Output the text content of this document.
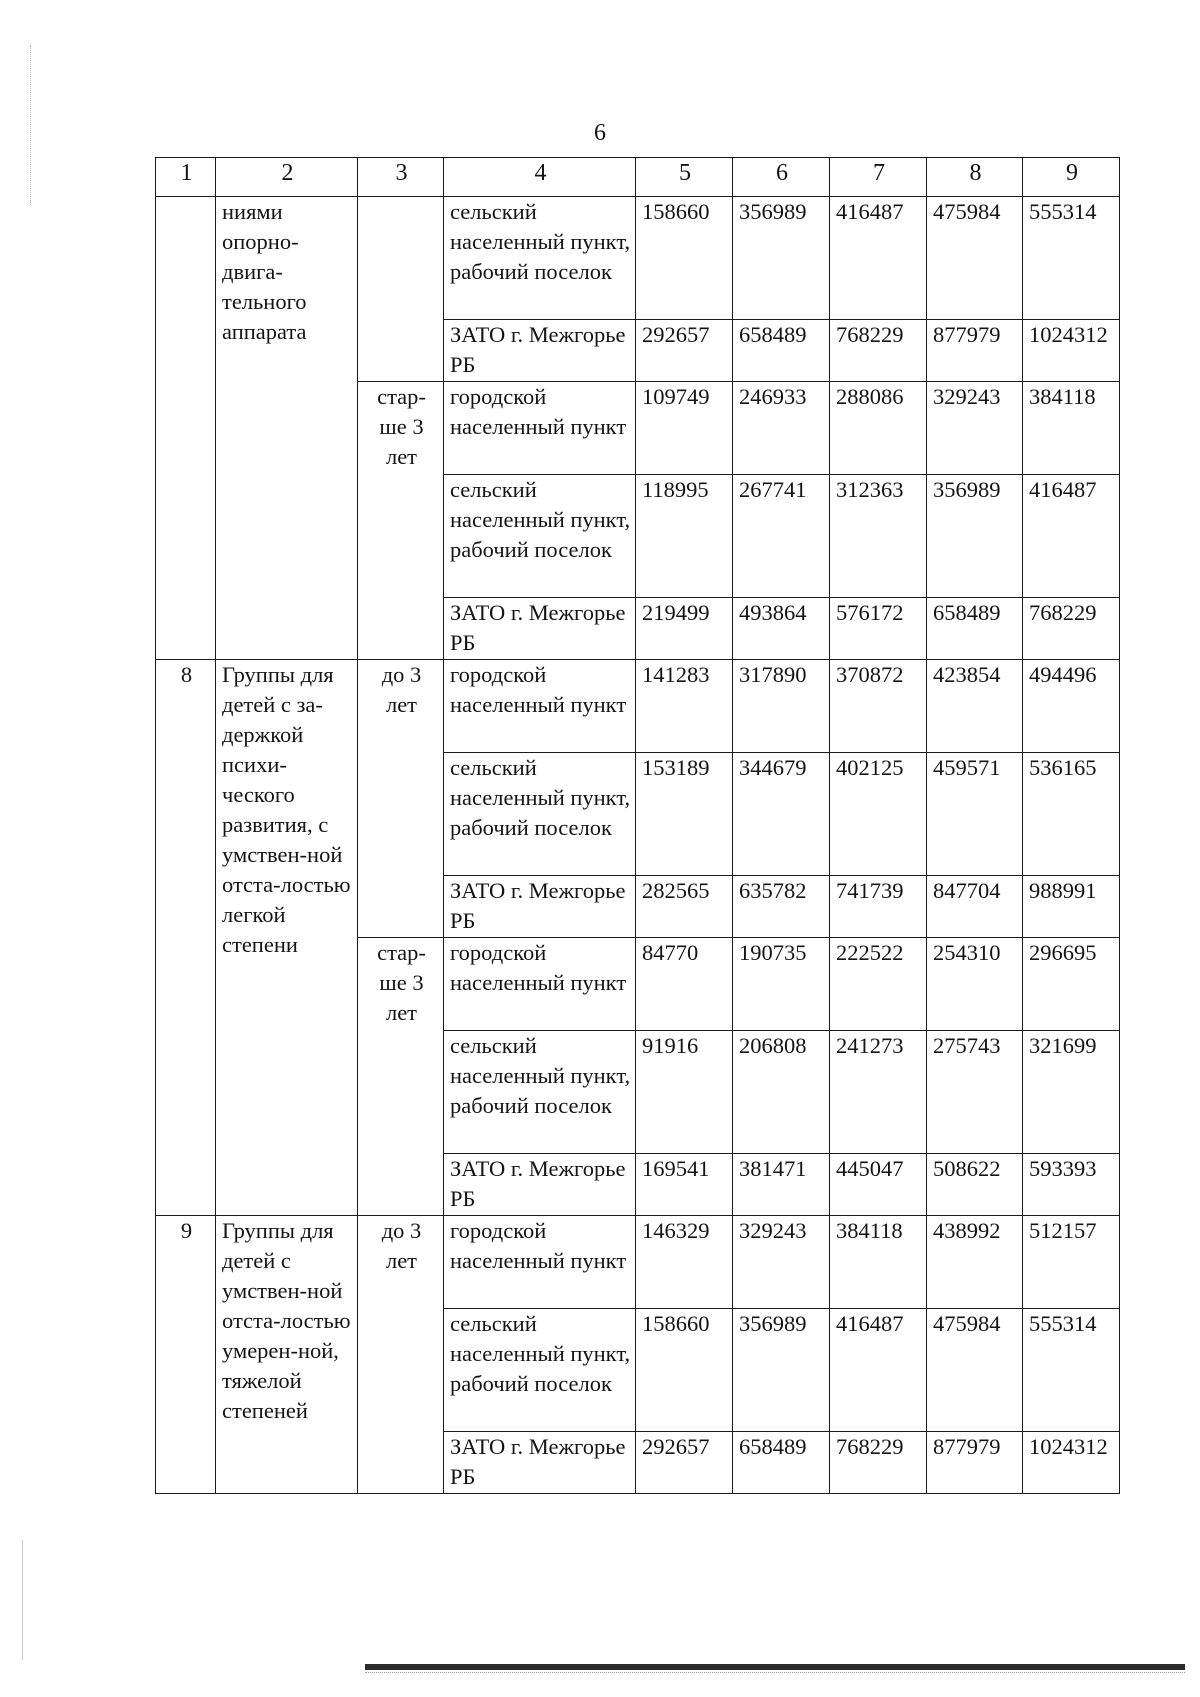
6
1	2	3	4	5	6	7	8	9
	ниями опорно-двига-тельного аппарата		сельский населенный пункт, рабочий поселок	158660	356989	416487	475984	555314
			ЗАТО г. Межгорье РБ	292657	658489	768229	877979	1024312
		стар-ше 3 лет	городской населенный пункт	109749	246933	288086	329243	384118
			сельский населенный пункт, рабочий поселок	118995	267741	312363	356989	416487
			ЗАТО г. Межгорье РБ	219499	493864	576172	658489	768229
8	Группы для детей с за-держкой психи-ческого развития, с умствен-ной отста-лостью легкой степени	до 3 лет	городской населенный пункт	141283	317890	370872	423854	494496
			сельский населенный пункт, рабочий поселок	153189	344679	402125	459571	536165
			ЗАТО г. Межгорье РБ	282565	635782	741739	847704	988991
		стар-ше 3 лет	городской населенный пункт	84770	190735	222522	254310	296695
			сельский населенный пункт, рабочий поселок	91916	206808	241273	275743	321699
			ЗАТО г. Межгорье РБ	169541	381471	445047	508622	593393
9	Группы для детей с умствен-ной отста-лостью умерен-ной, тяжелой степеней	до 3 лет	городской населенный пункт	146329	329243	384118	438992	512157
			сельский населенный пункт, рабочий поселок	158660	356989	416487	475984	555314
			ЗАТО г. Межгорье РБ	292657	658489	768229	877979	1024312
